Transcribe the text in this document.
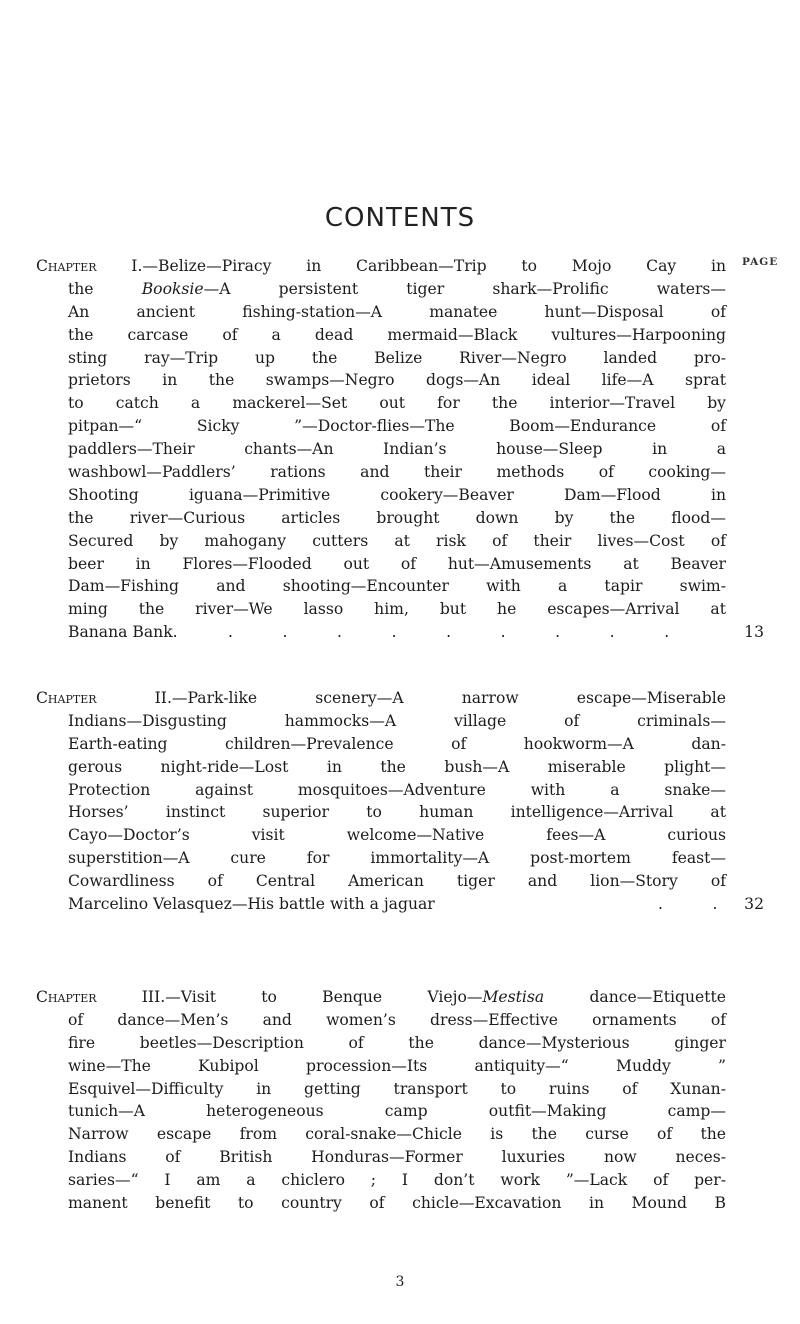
CONTENTS
PAGE
Chapter I.—Belize—Piracy in Caribbean—Trip to Mojo Cay in
the Booksie—A persistent tiger shark—Prolific waters—
An ancient fishing-station—A manatee hunt—Disposal of
the carcase of a dead mermaid—Black vultures—Harpooning
sting ray—Trip up the Belize River—Negro landed pro-
prietors in the swamps—Negro dogs—An ideal life—A sprat
to catch a mackerel—Set out for the interior—Travel by
pitpan—“ Sicky ”—Doctor-flies—The Boom—Endurance of
paddlers—Their chants—An Indian’s house—Sleep in a
washbowl—Paddlers’ rations and their methods of cooking—
Shooting iguana—Primitive cookery—Beaver Dam—Flood in
the river—Curious articles brought down by the flood—
Secured by mahogany cutters at risk of their lives—Cost of
beer in Flores—Flooded out of hut—Amusements at Beaver
Dam—Fishing and shooting—Encounter with a tapir swim-
ming the river—We lasso him, but he escapes—Arrival at
Banana Bank.	.          .          .          .          .          .          .          .          .	13
Chapter II.—Park-like scenery—A narrow escape—Miserable
Indians—Disgusting hammocks—A village of criminals—
Earth-eating children—Prevalence of hookworm—A dan-
gerous night-ride—Lost in the bush—A miserable plight—
Protection against mosquitoes—Adventure with a snake—
Horses’ instinct superior to human intelligence—Arrival at
Cayo—Doctor’s visit welcome—Native fees—A curious
superstition—A cure for immortality—A post-mortem feast—
Cowardliness of Central American tiger and lion—Story of
Marcelino Velasquez—His battle with a jaguar	.          . 32
Chapter III.—Visit to Benque Viejo—Mestisa dance—Etiquette
of dance—Men’s and women’s dress—Effective ornaments of
fire beetles—Description of the dance—Mysterious ginger
wine—The Kubipol procession—Its antiquity—“ Muddy ”
Esquivel—Difficulty in getting transport to ruins of Xunan-
tunich—A heterogeneous camp outfit—Making camp—
Narrow escape from coral-snake—Chicle is the curse of the
Indians of British Honduras—Former luxuries now neces-
saries—“ I am a chiclero ; I don’t work ”—Lack of per-
manent benefit to country of chicle—Excavation in Mound B
3
